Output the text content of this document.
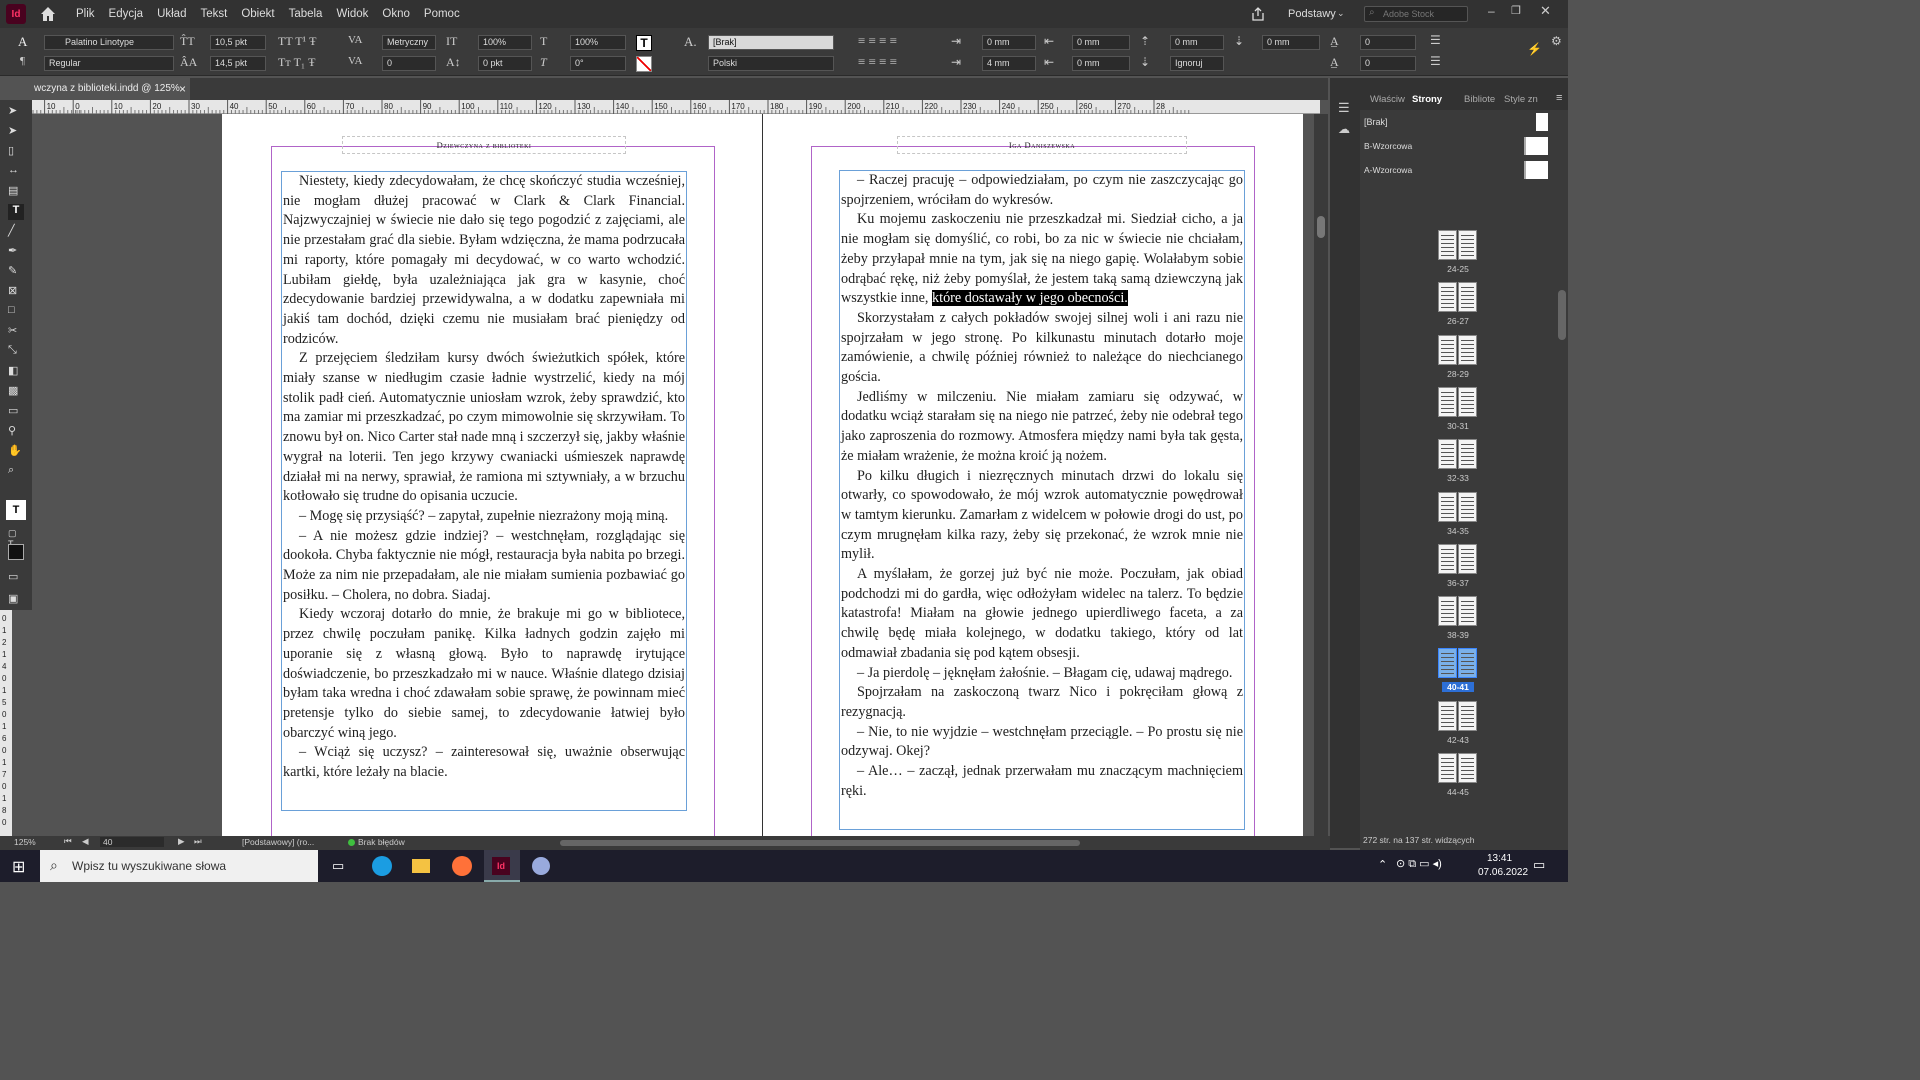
Id	Plik Edycja Układ Tekst Obiekt Tabela Widok Okno Pomoc	Podstawy ⌄	Adobe Stock
⌕	– ❐ ✕
A
¶
Palatino Linotype
Regular
T̂T	10,5 pkt
ÂA	14,5 pkt
TT T¹ Ŧ
Tт T₁ Ŧ
VA	Metryczny
VA	0
IT	100%
A↕	0 pkt
T	100%
T	0°
T	A.	[Brak]
Polski
≡ ≡ ≡ ≡
≡ ≡ ≡ ≡
⇥	0 mm
⇥	4 mm
⇤	0 mm
⇤	0 mm
⇡	0 mm
⇣	Ignoruj
⇣	0 mm	A̲	0
A̲	0
☰
☰
⚡
⚙
wczyna z biblioteki.indd @ 125% ×
➤
➤
▯
↔
▤
T
╱
✒
✎
⊠
□
✂
⤡
◧
▩
▭
⚲
✋
⌕
T
▢
▭
▣
10 0	10	20	30	40	50	60	70	80	90	100	110	120	130	140	150	160	170	180	190	200	210	220	230	240	250	260	270	28
0
1
2
1
4
0
1
5
0
1
6
0
1
7
0
1
8
0
Dziewczyna z biblioteki

Niestety, kiedy zdecydowałam, że chcę skończyć studia wcześniej, nie mogłam dłużej pracować w Clark & Clark Financial. Najzwyczajniej w świecie nie dało się tego pogodzić z zajęciami, ale nie przestałam grać dla siebie. Byłam wdzięczna, że mama podrzucała mi raporty, które pomagały mi decydować, w co warto wchodzić. Lubiłam giełdę, była uzależniająca jak gra w kasynie, choć zdecydowanie bardziej przewidywalna, a w dodatku zapewniała mi jakiś tam dochód, dzięki czemu nie musiałam brać pieniędzy od rodziców.

Z przejęciem śledziłam kursy dwóch świeżutkich spółek, które miały szanse w niedługim czasie ładnie wystrzelić, kiedy na mój stolik padł cień. Automatycznie uniosłam wzrok, żeby sprawdzić, kto ma zamiar mi przeszkadzać, po czym mimowolnie się skrzywiłam. To znowu był on. Nico Carter stał nade mną i szczerzył się, jakby właśnie wygrał na loterii. Ten jego krzywy cwaniacki uśmieszek naprawdę działał mi na nerwy, sprawiał, że ramiona mi sztywniały, a w brzuchu kotłowało się trudne do opisania uczucie.

– Mogę się przysiąść? – zapytał, zupełnie niezrażony moją miną.

– A nie możesz gdzie indziej? – westchnęłam, rozglądając się dookoła. Chyba faktycznie nie mógł, restauracja była nabita po brzegi. Może za nim nie przepadałam, ale nie miałam sumienia pozbawiać go posiłku. – Cholera, no dobra. Siadaj.

Kiedy wczoraj dotarło do mnie, że brakuje mi go w bibliotece, przez chwilę poczułam panikę. Kilka ładnych godzin zajęło mi uporanie się z własną głową. Było to naprawdę irytujące doświadczenie, bo przeszkadzało mi w nauce. Właśnie dlatego dzisiaj byłam taka wredna i choć zdawałam sobie sprawę, że powinnam mieć pretensje tylko do siebie samej, to zdecydowanie łatwiej było obarczyć winą jego.

– Wciąż się uczysz? – zainteresował się, uważnie obserwując kartki, które leżały na blacie.

Iga Daniszewska

– Raczej pracuję – odpowiedziałam, po czym nie zaszczycając go spojrzeniem, wróciłam do wykresów.

Ku mojemu zaskoczeniu nie przeszkadzał mi. Siedział cicho, a ja nie mogłam się domyślić, co robi, bo za nic w świecie nie chciałam, żeby przyłapał mnie na tym, jak się na niego gapię. Wolałabym sobie odrąbać rękę, niż żeby pomyślał, że jestem taką samą dziewczyną jak wszystkie inne, które dostawały w jego obecności.

Skorzystałam z całych pokładów swojej silnej woli i ani razu nie spojrzałam w jego stronę. Po kilkunastu minutach dotarło moje zamówienie, a chwilę później również to należące do niechcianego gościa.

Jedliśmy w milczeniu. Nie miałam zamiaru się odzywać, w dodatku wciąż starałam się na niego nie patrzeć, żeby nie odebrał tego jako zaproszenia do rozmowy. Atmosfera między nami była tak gęsta, że miałam wrażenie, że można kroić ją nożem.

Po kilku długich i niezręcznych minutach drzwi do lokalu się otwarły, co spowodowało, że mój wzrok automatycznie powędrował w tamtym kierunku. Zamarłam z widelcem w połowie drogi do ust, po czym mrugnęłam kilka razy, żeby się przekonać, że wzrok mnie nie mylił.

A myślałam, że gorzej już być nie może. Poczułam, jak obiad podchodzi mi do gardła, więc odłożyłam widelec na talerz. To będzie katastrofa! Miałam na głowie jednego upierdliwego faceta, a za chwilę będę miała kolejnego, w dodatku takiego, który od lat odmawiał zbadania się pod kątem obsesji.

– Ja pierdolę – jęknęłam żałośnie. – Błagam cię, udawaj mądrego.

Spojrzałam na zaskoczoną twarz Nico i pokręciłam głową z rezygnacją.

– Nie, to nie wyjdzie – westchnęłam przeciągle. – Po prostu się nie odzywaj. Okej?

– Ale… – zaczął, jednak przerwałam mu znaczącym machnięciem ręki.

☰
☁
Właściw Strony Bibliote Style zn ≡
[Brak]
B-Wzorcowa
A-Wzorcowa
24-25
26-27
28-29
30-31
32-33
34-35
36-37
38-39
40-41
42-43
44-45
272 str. na 137 str. widzących
125%	⏮ ◀	40	▶ ⏭	[Podstawowy] (ro...	Brak błędów
⊞	Wpisz tu wyszukiwane słowa
⌕	▭	Id	⌃ ⊙ ⧉ ▭ ◂)	13:41
07.06.2022
▭
